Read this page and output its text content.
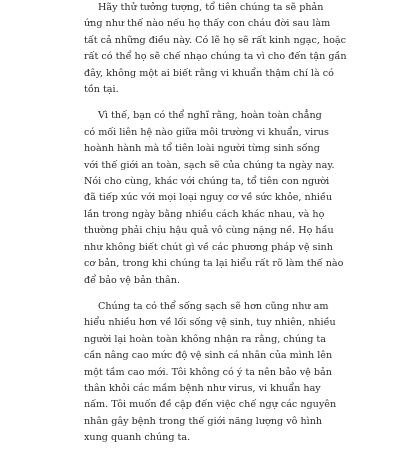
Hãy thử tưởng tượng, tổ tiên chúng ta sẽ phản
ứng như thế nào nếu họ thấy con cháu đời sau làm
tất cả những điều này. Có lẽ họ sẽ rất kinh ngạc, hoặc
rất có thể họ sẽ chế nhạo chúng ta vì cho đến tận gần
đây, không một ai biết rằng vi khuẩn thậm chí là có
tồn tại.

Vì thế, bạn có thể nghĩ rằng, hoàn toàn chẳng
có mối liên hệ nào giữa môi trường vi khuẩn, virus
hoành hành mà tổ tiên loài người từng sinh sống
với thế giới an toàn, sạch sẽ của chúng ta ngày nay.
Nói cho cùng, khác với chúng ta, tổ tiên con người
đã tiếp xúc với mọi loại nguy cơ về sức khỏe, nhiều
lần trong ngày bằng nhiều cách khác nhau, và họ
thường phải chịu hậu quả vô cùng nặng nề. Họ hầu
như không biết chút gì về các phương pháp vệ sinh
cơ bản, trong khi chúng ta lại hiểu rất rõ làm thế nào
để bảo vệ bản thân.

Chúng ta có thể sống sạch sẽ hơn cũng như am
hiểu nhiều hơn về lối sống vệ sinh, tuy nhiên, nhiều
người lại hoàn toàn không nhận ra rằng, chúng ta
cần nâng cao mức độ vệ sinh cá nhân của mình lên
một tầm cao mới. Tôi không có ý ta nên bảo vệ bản
thân khỏi các mầm bệnh như virus, vi khuẩn hay
nấm. Tôi muốn đề cập đến việc chế ngự các nguyên
nhân gây bệnh trong thế giới năng lượng vô hình
xung quanh chúng ta.
